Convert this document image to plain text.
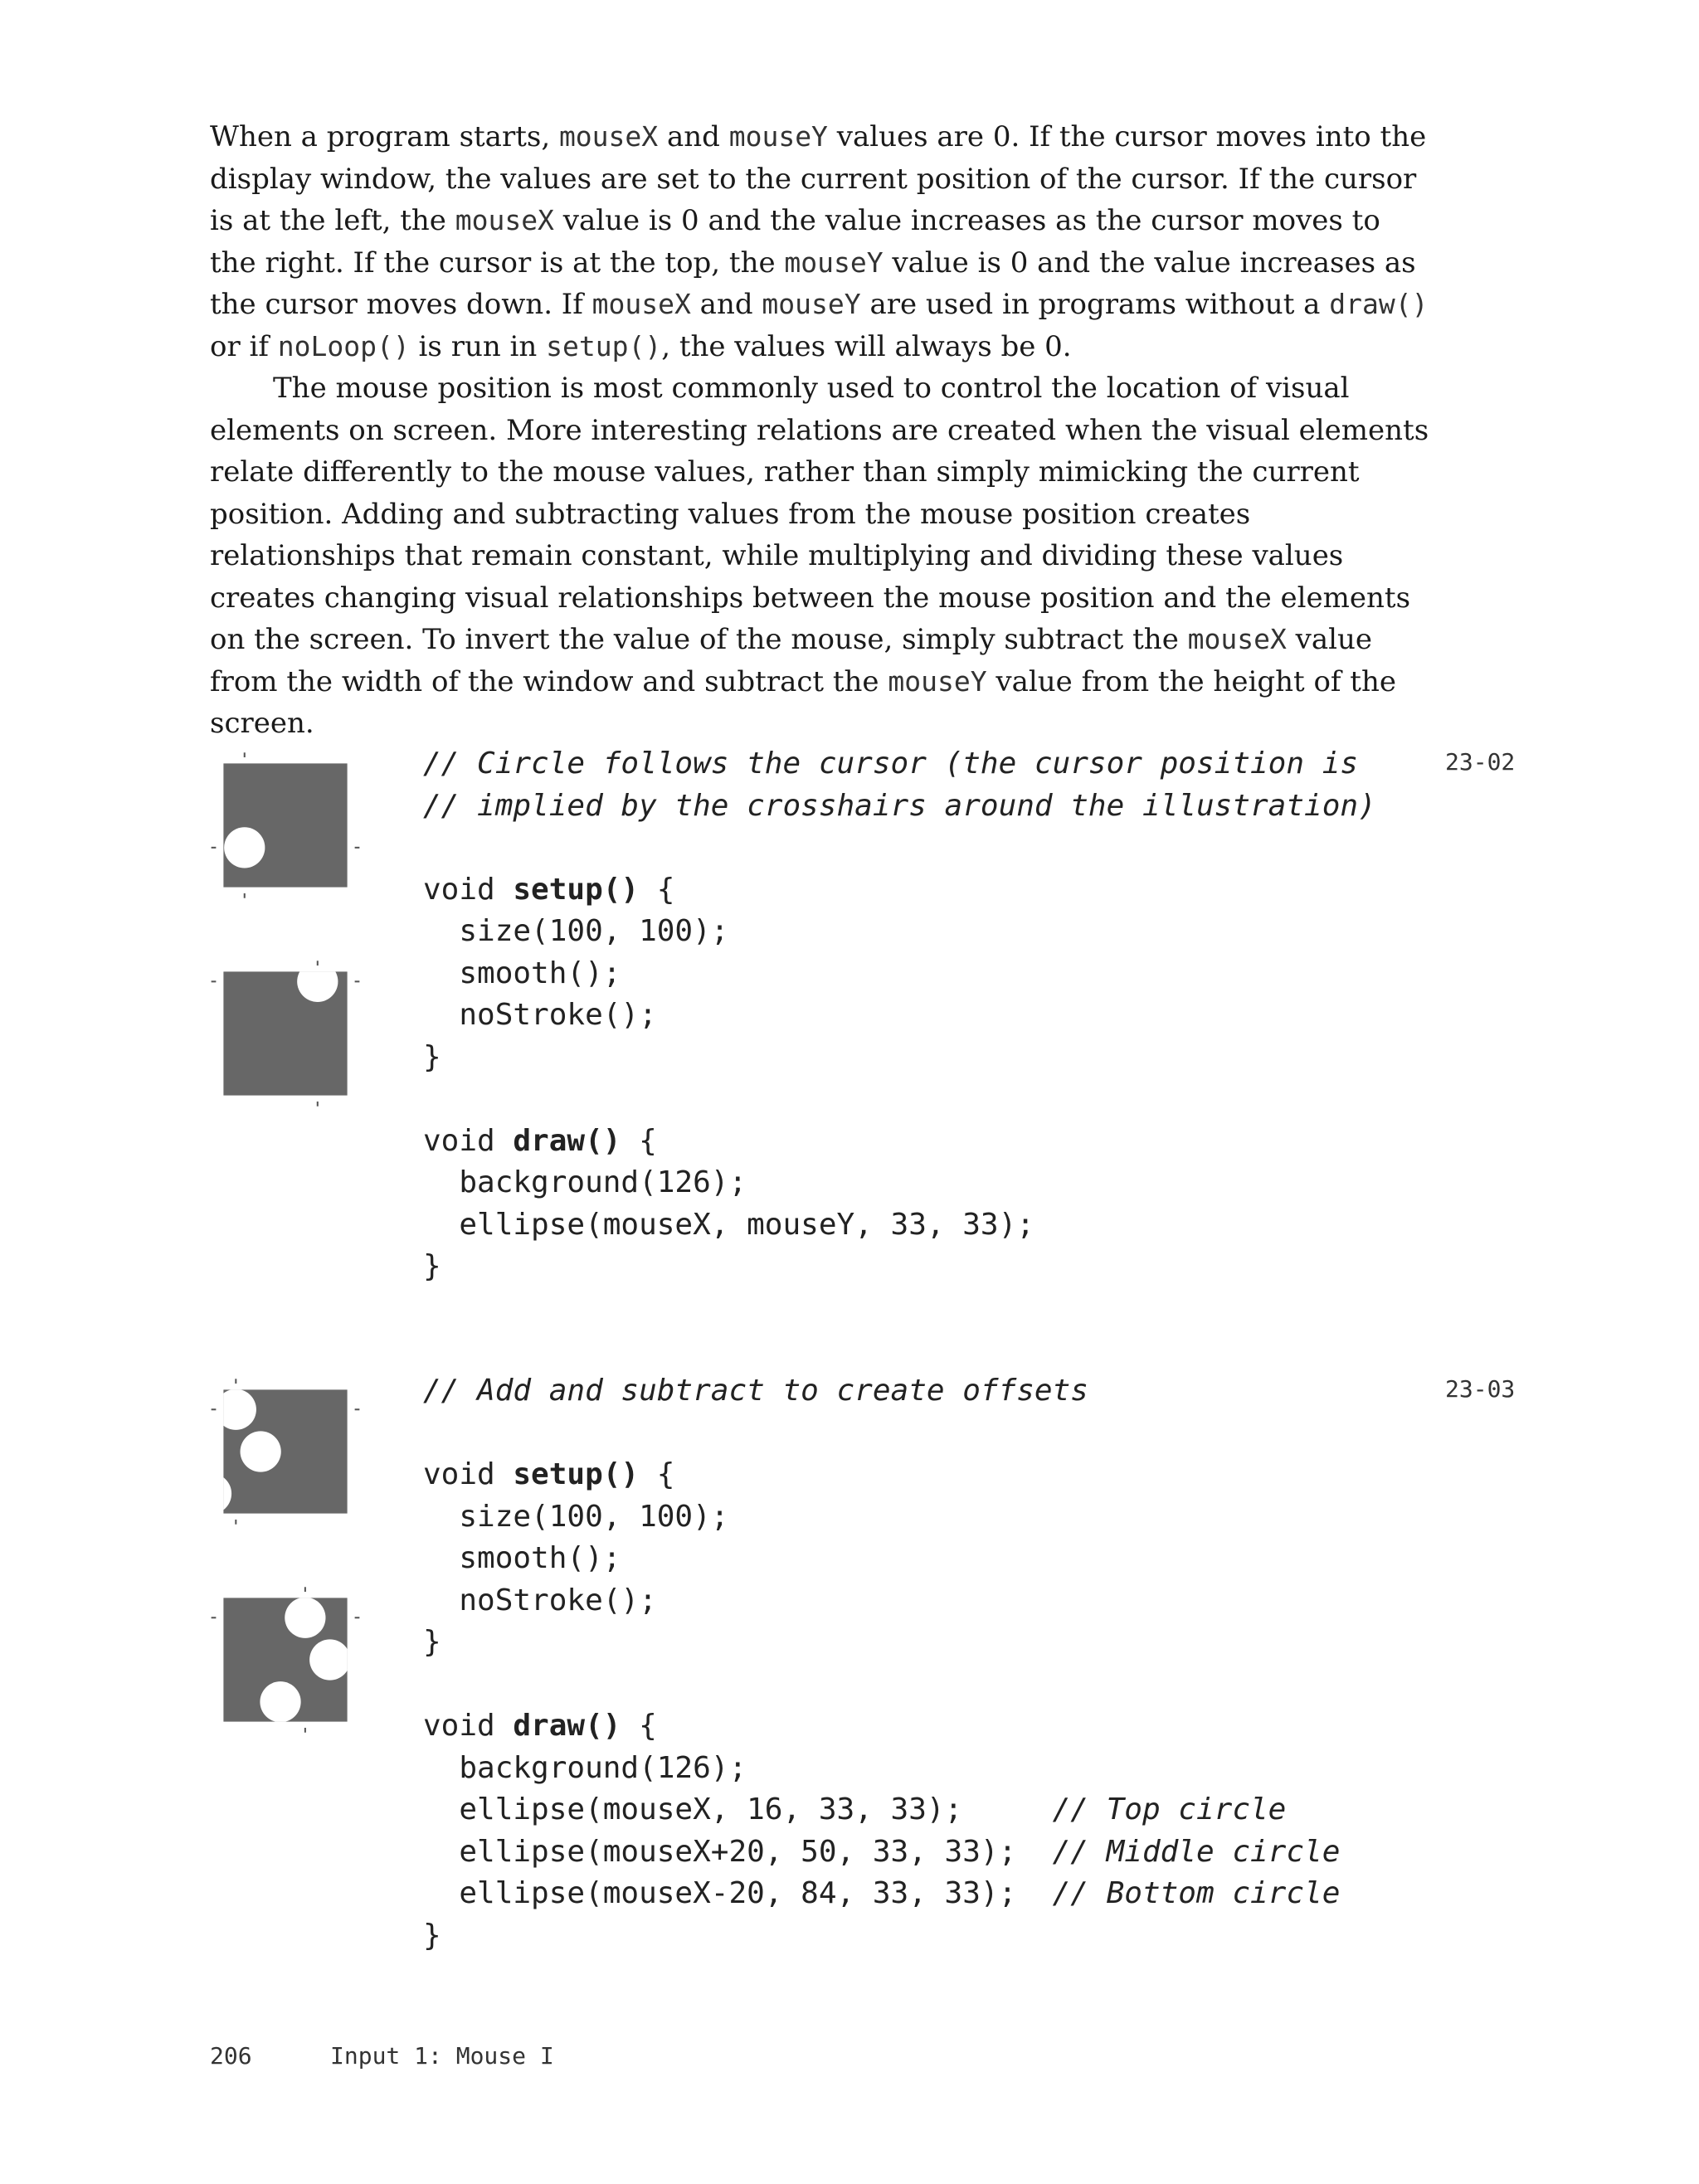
When a program starts, mouseX and mouseY values are 0. If the cursor moves into the display window, the values are set to the current position of the cursor. If the cursor is at the left, the mouseX value is 0 and the value increases as the cursor moves to the right. If the cursor is at the top, the mouseY value is 0 and the value increases as the cursor moves down. If mouseX and mouseY are used in programs without a draw() or if noLoop() is run in setup(), the values will always be 0.

The mouse position is most commonly used to control the location of visual elements on screen. More interesting relations are created when the visual elements relate differently to the mouse values, rather than simply mimicking the current position. Adding and subtracting values from the mouse position creates relationships that remain constant, while multiplying and dividing these values creates changing visual relationships between the mouse position and the elements on the screen. To invert the value of the mouse, simply subtract the mouseX value from the width of the window and subtract the mouseY value from the height of the screen.

// Circle follows the cursor (the cursor position is
// implied by the crosshairs around the illustration)
void setup() {
size(100, 100);
smooth();
noStroke();
}
void draw() {
background(126);
ellipse(mouseX, mouseY, 33, 33);
}
23-02
// Add and subtract to create offsets
void setup() {
size(100, 100);
smooth();
noStroke();
}
void draw() {
background(126);
ellipse(mouseX, 16, 33, 33);     // Top circle
ellipse(mouseX+20, 50, 33, 33);  // Middle circle
ellipse(mouseX-20, 84, 33, 33);  // Bottom circle
}
23-03
206	Input 1: Mouse I
